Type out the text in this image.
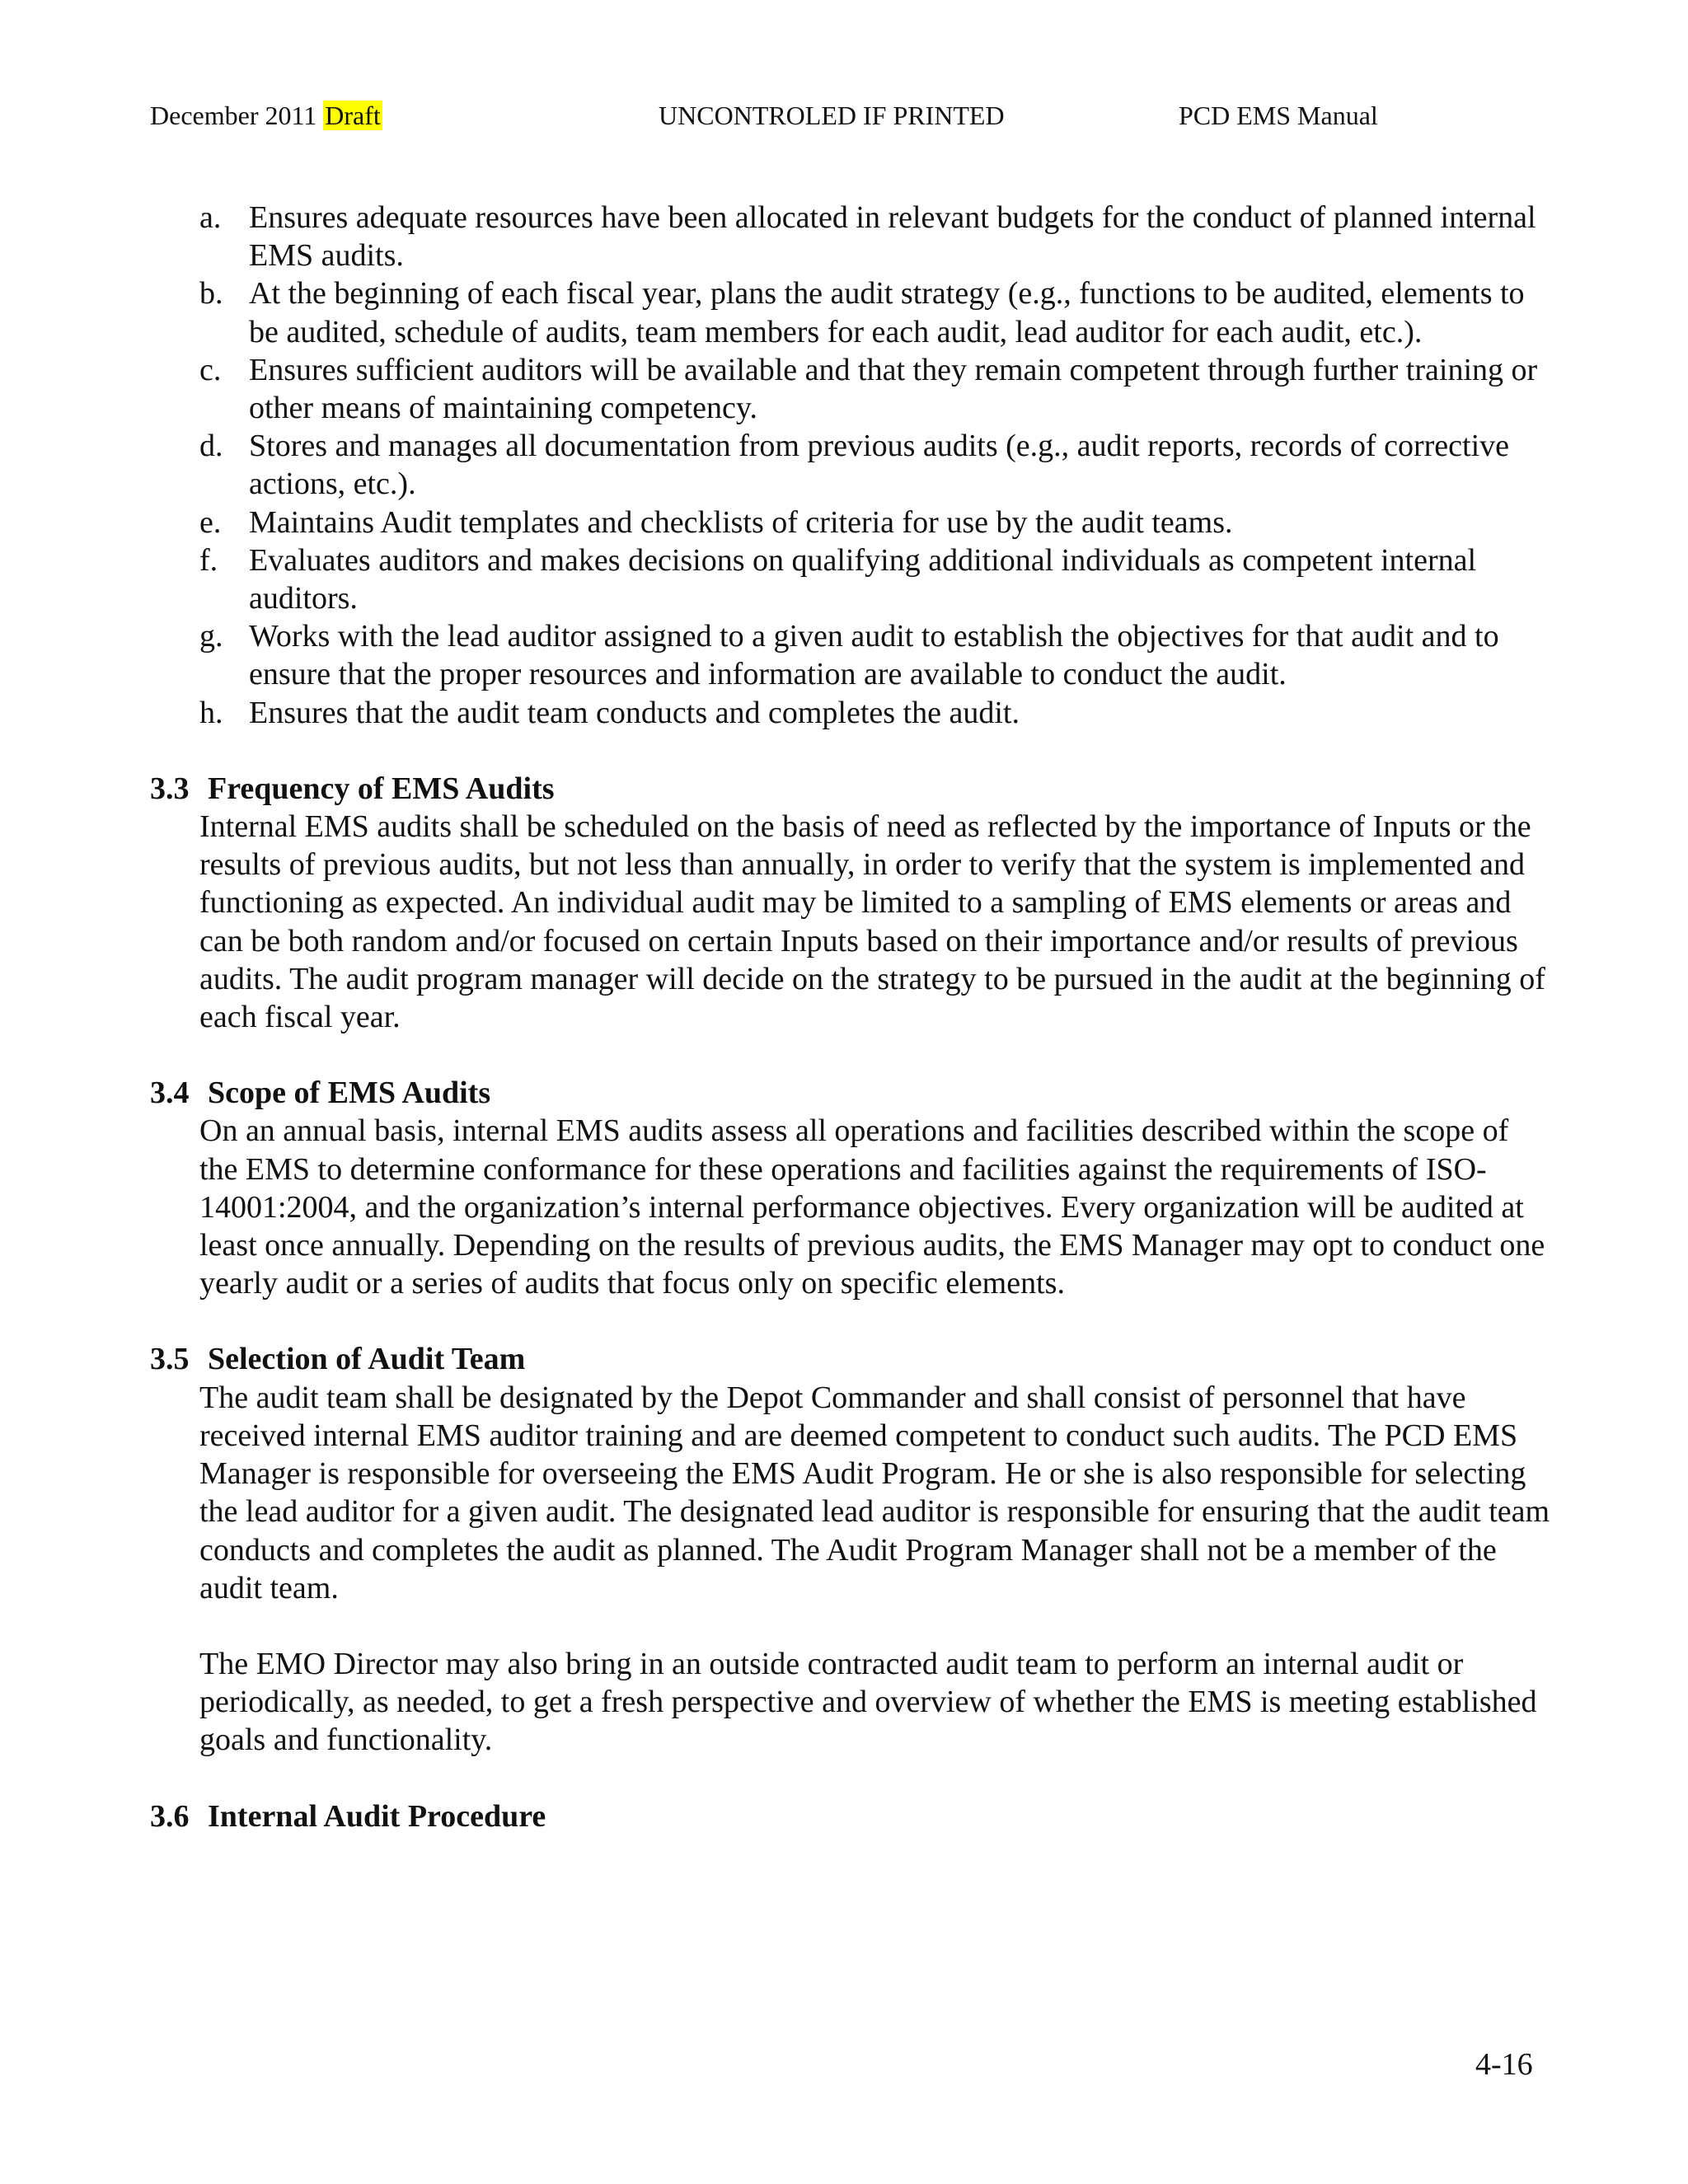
December 2011 Draft	UNCONTROLED IF PRINTED	PCD EMS Manual
a. Ensures adequate resources have been allocated in relevant budgets for the conduct of planned internal EMS audits.
b. At the beginning of each fiscal year, plans the audit strategy (e.g., functions to be audited, elements to be audited, schedule of audits, team members for each audit, lead auditor for each audit, etc.).
c. Ensures sufficient auditors will be available and that they remain competent through further training or other means of maintaining competency.
d. Stores and manages all documentation from previous audits (e.g., audit reports, records of corrective actions, etc.).
e. Maintains Audit templates and checklists of criteria for use by the audit teams.
f. Evaluates auditors and makes decisions on qualifying additional individuals as competent internal auditors.
g. Works with the lead auditor assigned to a given audit to establish the objectives for that audit and to ensure that the proper resources and information are available to conduct the audit.
h. Ensures that the audit team conducts and completes the audit.
3.3 Frequency of EMS Audits

Internal EMS audits shall be scheduled on the basis of need as reflected by the importance of Inputs or the results of previous audits, but not less than annually, in order to verify that the system is implemented and functioning as expected. An individual audit may be limited to a sampling of EMS elements or areas and can be both random and/or focused on certain Inputs based on their importance and/or results of previous audits. The audit program manager will decide on the strategy to be pursued in the audit at the beginning of each fiscal year.

3.4 Scope of EMS Audits

On an annual basis, internal EMS audits assess all operations and facilities described within the scope of the EMS to determine conformance for these operations and facilities against the requirements of ISO-14001:2004, and the organization’s internal performance objectives. Every organization will be audited at least once annually. Depending on the results of previous audits, the EMS Manager may opt to conduct one yearly audit or a series of audits that focus only on specific elements.

3.5 Selection of Audit Team

The audit team shall be designated by the Depot Commander and shall consist of personnel that have received internal EMS auditor training and are deemed competent to conduct such audits. The PCD EMS Manager is responsible for overseeing the EMS Audit Program. He or she is also responsible for selecting the lead auditor for a given audit. The designated lead auditor is responsible for ensuring that the audit team conducts and completes the audit as planned. The Audit Program Manager shall not be a member of the audit team.

The EMO Director may also bring in an outside contracted audit team to perform an internal audit or periodically, as needed, to get a fresh perspective and overview of whether the EMS is meeting established goals and functionality.

3.6 Internal Audit Procedure
4-16
